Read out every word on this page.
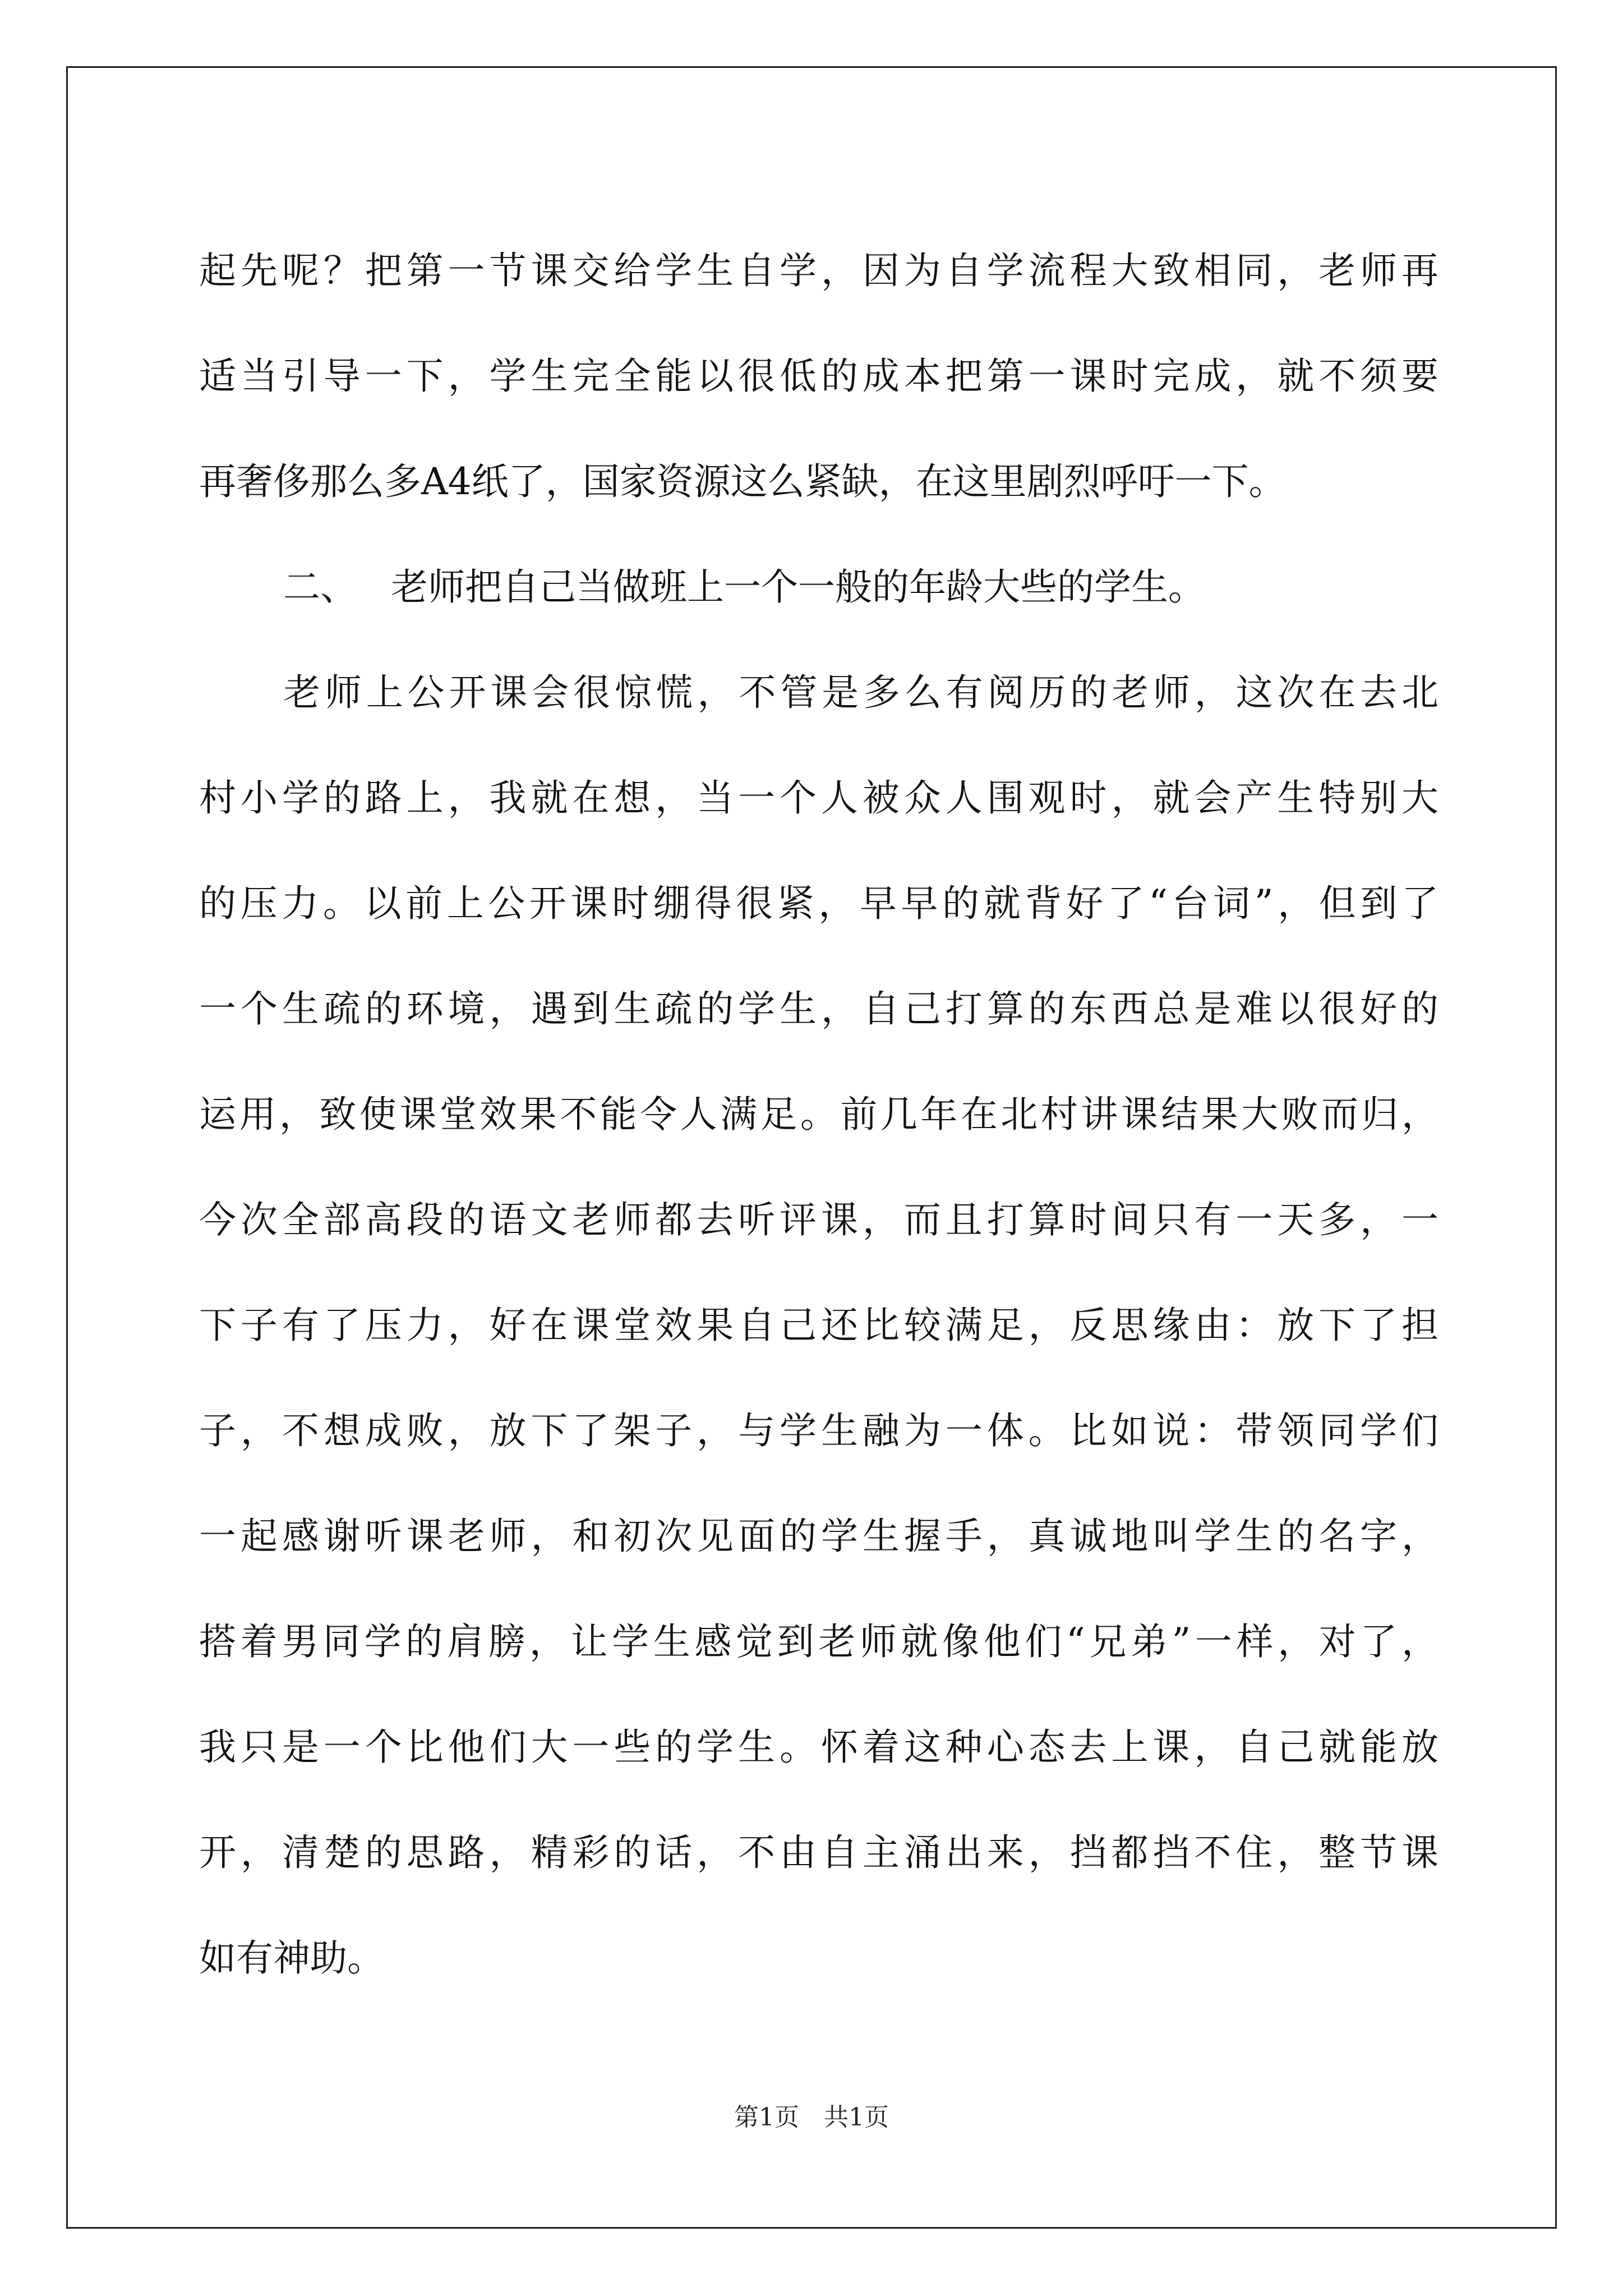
起先呢？把第一节课交给学生自学，因为自学流程大致相同，老师再
适当引导一下，学生完全能以很低的成本把第一课时完成，就不须要
再奢侈那么多A4纸了，国家资源这么紧缺，在这里剧烈呼吁一下。
二、 老师把自己当做班上一个一般的年龄大些的学生。
老师上公开课会很惊慌，不管是多么有阅历的老师，这次在去北
村小学的路上，我就在想，当一个人被众人围观时，就会产生特别大
的压力。以前上公开课时绷得很紧，早早的就背好了“台词”，但到了
一个生疏的环境，遇到生疏的学生，自己打算的东西总是难以很好的
运用，致使课堂效果不能令人满足。前几年在北村讲课结果大败而归，
今次全部高段的语文老师都去听评课，而且打算时间只有一天多，一
下子有了压力，好在课堂效果自己还比较满足，反思缘由：放下了担
子，不想成败，放下了架子，与学生融为一体。比如说：带领同学们
一起感谢听课老师，和初次见面的学生握手，真诚地叫学生的名字，
搭着男同学的肩膀，让学生感觉到老师就像他们“兄弟”一样，对了，
我只是一个比他们大一些的学生。怀着这种心态去上课，自己就能放
开，清楚的思路，精彩的话，不由自主涌出来，挡都挡不住，整节课
如有神助。
第1页 共1页
